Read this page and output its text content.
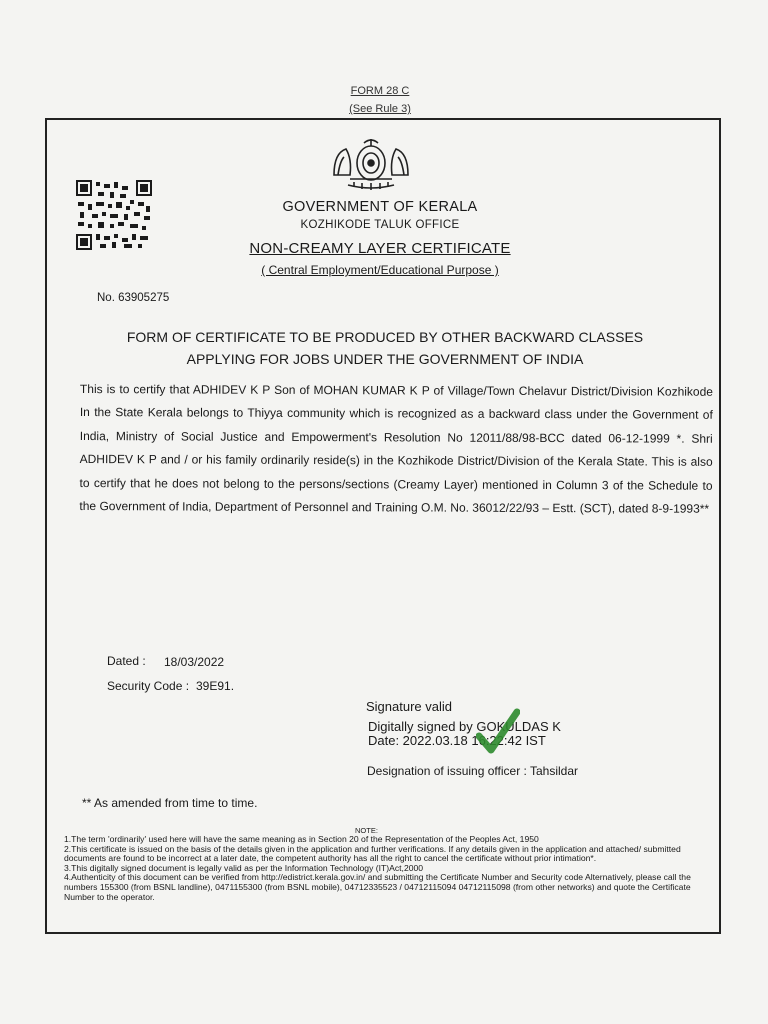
FORM 28 C
(See Rule 3)
GOVERNMENT OF KERALA
KOZHIKODE TALUK OFFICE
NON-CREAMY LAYER CERTIFICATE
( Central Employment/Educational Purpose )
No. 63905275
FORM OF CERTIFICATE TO BE PRODUCED BY OTHER BACKWARD CLASSES
APPLYING FOR JOBS UNDER THE GOVERNMENT OF INDIA
This is to certify that ADHIDEV K P Son of MOHAN KUMAR K P of Village/Town Chelavur District/Division Kozhikode In the State Kerala belongs to Thiyya community which is recognized as a backward class under the Government of India, Ministry of Social Justice and Empowerment's Resolution No 12011/88/98-BCC dated 06-12-1999 *. Shri ADHIDEV K P and / or his family ordinarily reside(s) in the Kozhikode District/Division of the Kerala State. This is also to certify that he does not belong to the persons/sections (Creamy Layer) mentioned in Column 3 of the Schedule to the Government of India, Department of Personnel and Training O.M. No. 36012/22/93 – Estt. (SCT), dated 8-9-1993**
Dated : 18/03/2022
Security Code : 39E91.
Signature valid
Digitally signed by GOKULDAS K
Date: 2022.03.18 16:22:42 IST
Designation of issuing officer : Tahsildar
** As amended from time to time.
NOTE:
1.The term 'ordinarily' used here will have the same meaning as in Section 20 of the Representation of the Peoples Act, 1950
2.This certificate is issued on the basis of the details given in the application and further verifications. If any details given in the application and attached/ submitted documents are found to be incorrect at a later date, the competent authority has all the right to cancel the certificate without prior intimation*.
3.This digitally signed document is legally valid as per the Information Technology (IT)Act,2000
4.Authenticity of this document can be verified from http://edistrict.kerala.gov.in/ and submitting the Certificate Number and Security code Alternatively, please call the numbers 155300 (from BSNL landline), 0471155300 (from BSNL mobile), 04712335523 / 04712115094 04712115098 (from other networks) and quote the Certificate Number to the operator.
